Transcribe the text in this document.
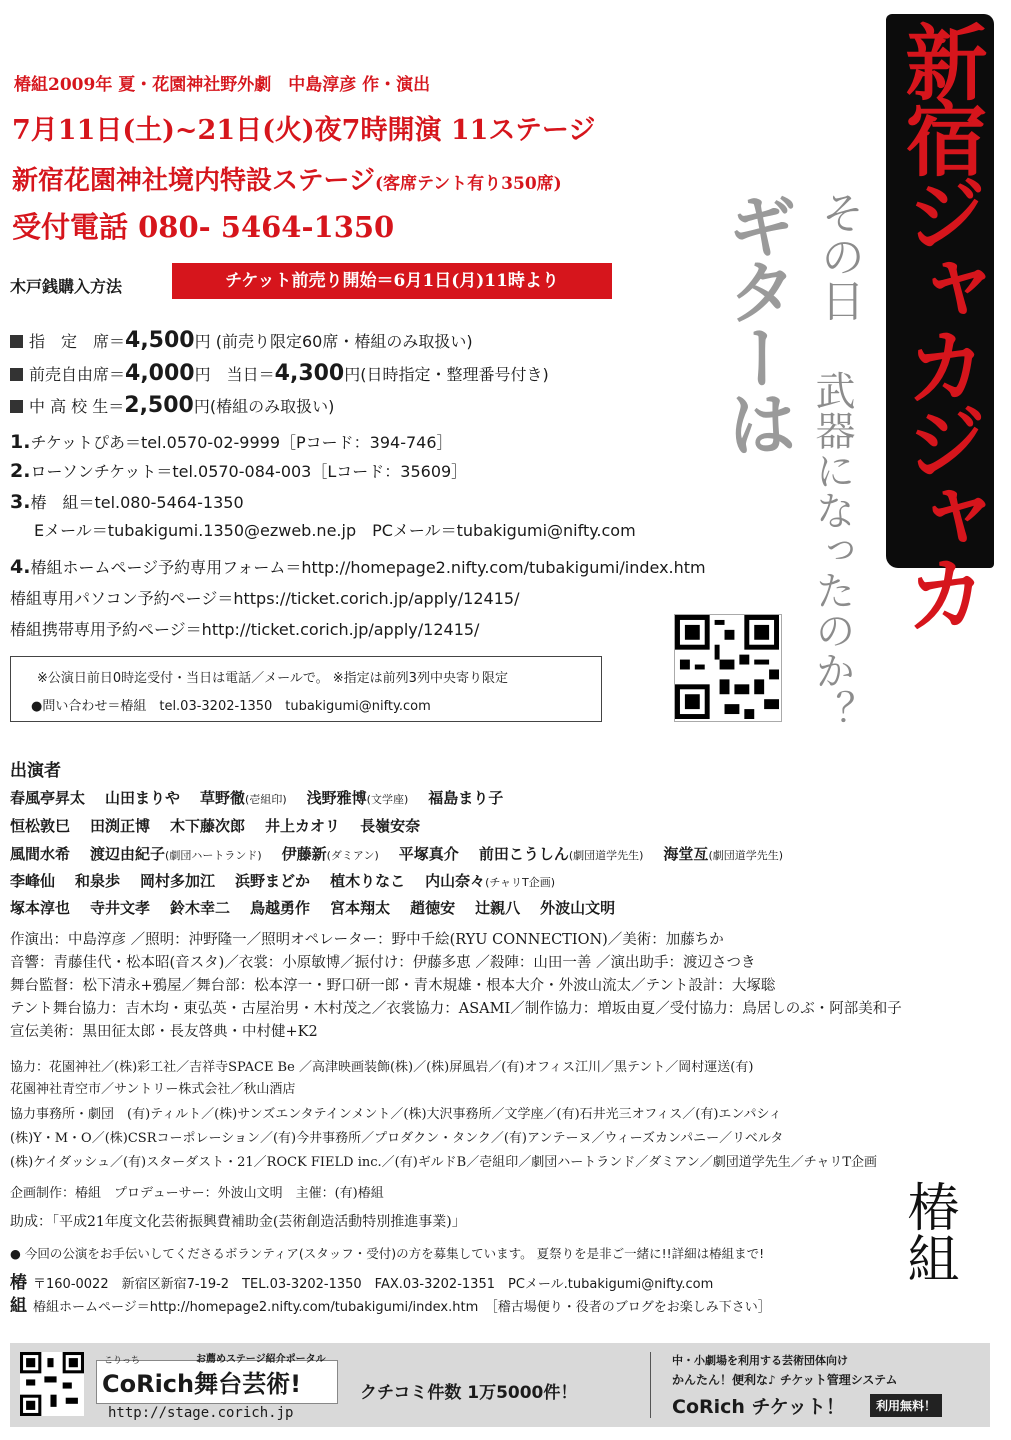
椿組2009年 夏・花園神社野外劇　中島淳彦 作・演出
7月11日(土)~21日(火)夜7時開演 11ステージ
新宿花園神社境内特設ステージ(客席テント有り350席)
受付電話 080- 5464-1350	新宿ジャカジャカ
ギターは その日
武器になったのか？
木戸銭購入方法	チケット前売り開始＝6月1日(月)11時より
指　定　席＝4,500円 (前売り限定60席・椿組のみ取扱い)
前売自由席＝4,000円　 当日＝4,300円(日時指定・整理番号付き)
中 高 校 生＝2,500円(椿組のみ取扱い)
1.チケットぴあ＝tel.0570-02-9999［Pコード：394-746］
2.ローソンチケット＝tel.0570-084-003［Lコード：35609］
3.椿　組＝tel.080-5464-1350
Eメール＝tubakigumi.1350@ezweb.ne.jp　PCメール＝tubakigumi@nifty.com
4.椿組ホームページ予約専用フォーム＝http://homepage2.nifty.com/tubakigumi/index.htm
椿組専用パソコン予約ページ＝https://ticket.corich.jp/apply/12415/
椿組携帯専用予約ページ＝http://ticket.corich.jp/apply/12415/
※公演日前日0時迄受付・当日は電話／メールで。 ※指定は前列3列中央寄り限定
●問い合わせ＝椿組　tel.03-3202-1350　tubakigumi@nifty.com
出演者
春風亭昇太 山田まりや 草野徹(壱組印) 浅野雅博(文学座) 福島まり子
恒松敦巳 田渕正博 木下藤次郎 井上カオリ 長嶺安奈
風間水希 渡辺由紀子(劇団ハートランド) 伊藤新(ダミアン) 平塚真介 前田こうしん(劇団道学先生) 海堂亙(劇団道学先生)
李峰仙 和泉歩 岡村多加江 浜野まどか 植木りなこ 内山奈々(チャリT企画)
塚本淳也 寺井文孝 鈴木幸二 鳥越勇作 宮本翔太 趙徳安 辻親八 外波山文明
作演出：中島淳彦 ／照明：沖野隆一／照明オペレーター：野中千絵(RYU CONNECTION)／美術：加藤ちか
音響：青藤佳代・松本昭(音スタ)／衣裳：小原敏博／振付け：伊藤多恵 ／殺陣：山田一善 ／演出助手：渡辺さつき
舞台監督：松下清永+鴉屋／舞台部：松本淳一・野口研一郎・青木規雄・根本大介・外波山流太／テント設計：大塚聡
テント舞台協力：吉木均・東弘英・古屋治男・木村茂之／衣裳協力：ASAMI／制作協力：増坂由夏／受付協力：鳥居しのぶ・阿部美和子
宣伝美術：黒田征太郎・長友啓典・中村健+K2
協力：花園神社／(株)彩工社／吉祥寺SPACE Be ／高津映画装飾(株)／(株)屏風岩／(有)オフィス江川／黒テント／岡村運送(有)
花園神社青空市／サントリー株式会社／秋山酒店
協力事務所・劇団　(有)ティルト／(株)サンズエンタテインメント／(株)大沢事務所／文学座／(有)石井光三オフィス／(有)エンパシィ
(株)Y・M・O／(株)CSRコーポレーション／(有)今井事務所／プロダクン・タンク／(有)アンテーヌ／ウィーズカンパニー／リベルタ
(株)ケイダッシュ／(有)スターダスト・21／ROCK FIELD inc.／(有)ギルドB／壱組印／劇団ハートランド／ダミアン／劇団道学先生／チャリT企画
企画制作：椿組　プロデューサー：外波山文明　主催：(有)椿組
助成：「平成21年度文化芸術振興費補助金(芸術創造活動特別推進事業)」
● 今回の公演をお手伝いしてくださるボランティア(スタッフ・受付)の方を募集しています。 夏祭りを是非ご一緒に!!詳細は椿組まで!
椿 〒160-0022　新宿区新宿7-19-2　TEL.03-3202-1350　FAX.03-3202-1351　PCメール.tubakigumi@nifty.com
組 椿組ホームページ＝http://homepage2.nifty.com/tubakigumi/index.htm　［稽古場便り・役者のブログをお楽しみ下さい］
椿組
こりっち	お薦めステージ紹介ポータル
CoRich舞台芸術!
http://stage.corich.jp
クチコミ件数 1万5000件！
中・小劇場を利用する芸術団体向け
かんたん！便利な♪ チケット管理システム
CoRich チケット！	利用無料！
